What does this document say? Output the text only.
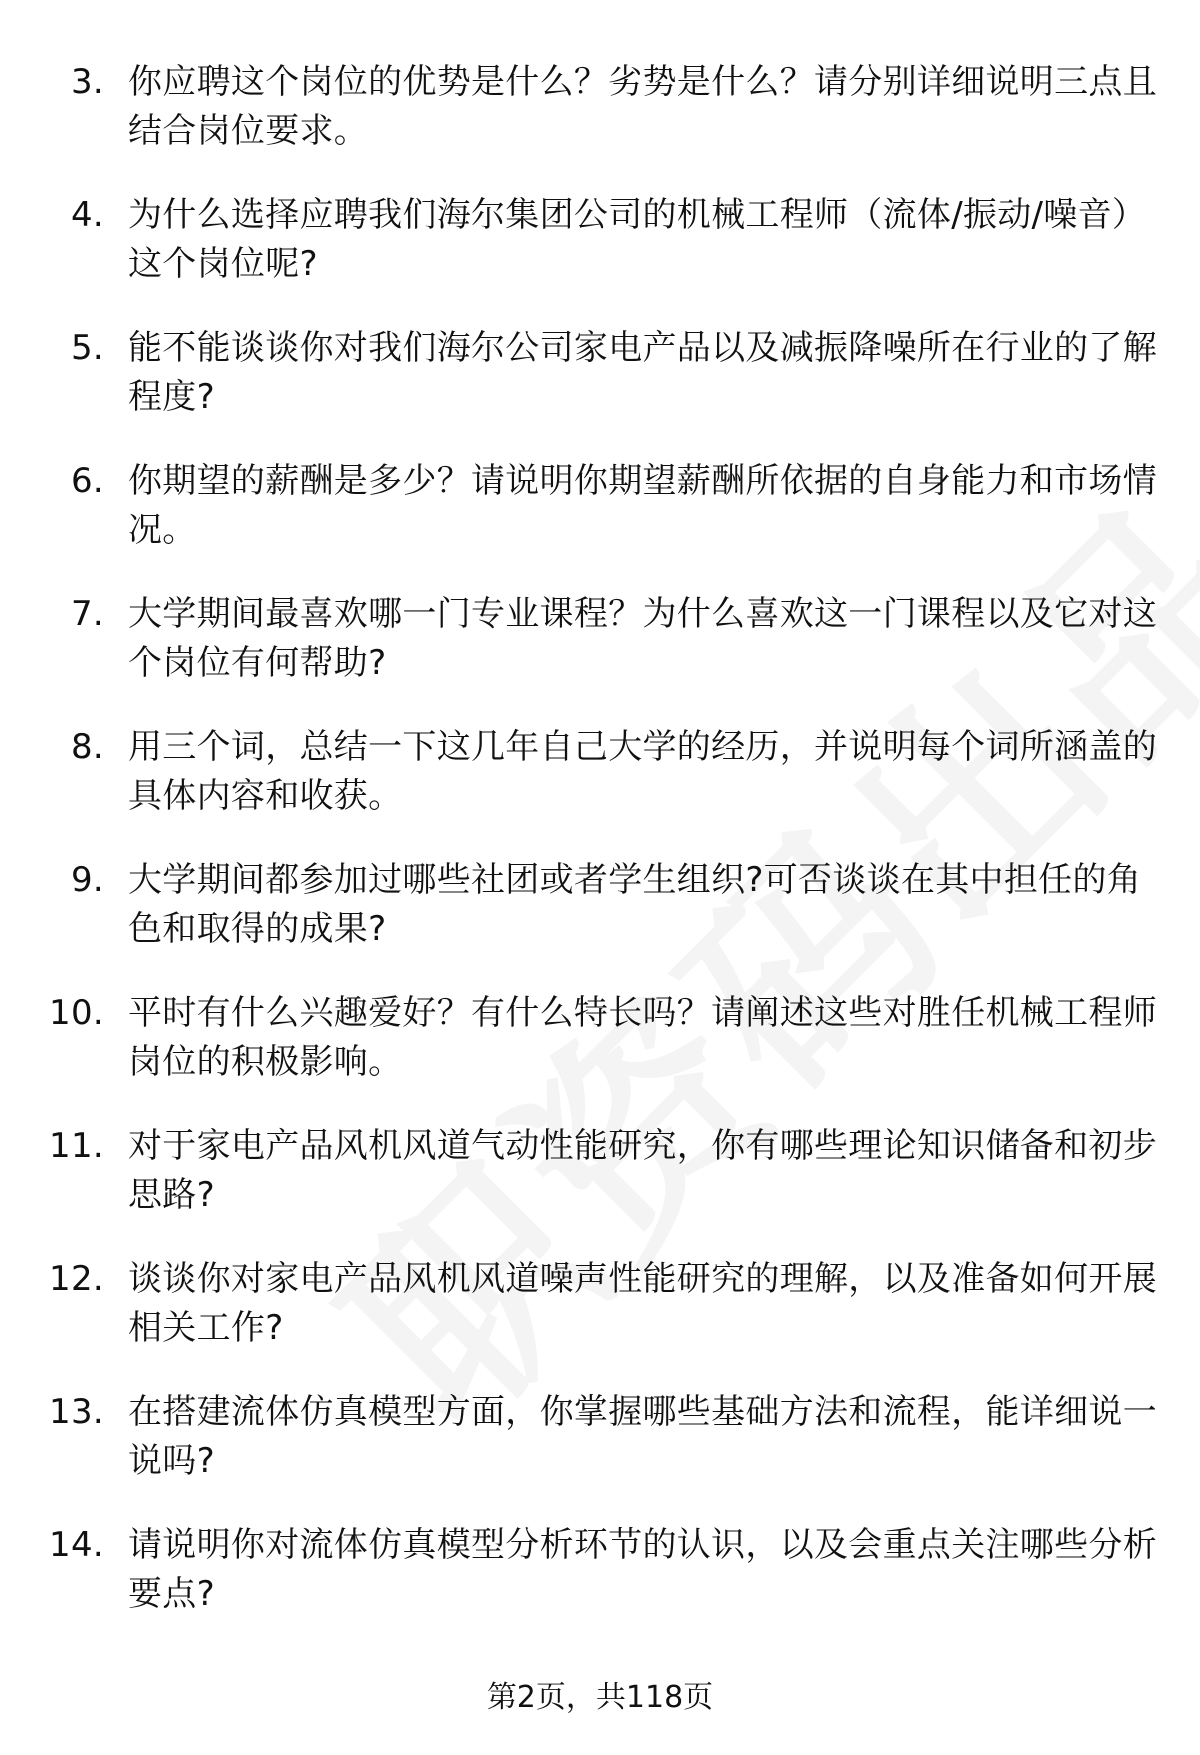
3. 你应聘这个岗位的优势是什么？劣势是什么？请分别详细说明三点且结合岗位要求。
4. 为什么选择应聘我们海尔集团公司的机械工程师（流体/振动/噪音）这个岗位呢?
5. 能不能谈谈你对我们海尔公司家电产品以及减振降噪所在行业的了解程度?
6. 你期望的薪酬是多少？请说明你期望薪酬所依据的自身能力和市场情况。
7. 大学期间最喜欢哪一门专业课程？为什么喜欢这一门课程以及它对这个岗位有何帮助?
8. 用三个词，总结一下这几年自己大学的经历，并说明每个词所涵盖的具体内容和收获。
9. 大学期间都参加过哪些社团或者学生组织?可否谈谈在其中担任的角色和取得的成果?
10. 平时有什么兴趣爱好？有什么特长吗？请阐述这些对胜任机械工程师岗位的积极影响。
11. 对于家电产品风机风道气动性能研究，你有哪些理论知识储备和初步思路?
12. 谈谈你对家电产品风机风道噪声性能研究的理解，以及准备如何开展相关工作?
13. 在搭建流体仿真模型方面，你掌握哪些基础方法和流程，能详细说一说吗?
14. 请说明你对流体仿真模型分析环节的认识，以及会重点关注哪些分析要点?
第2页，共118页
